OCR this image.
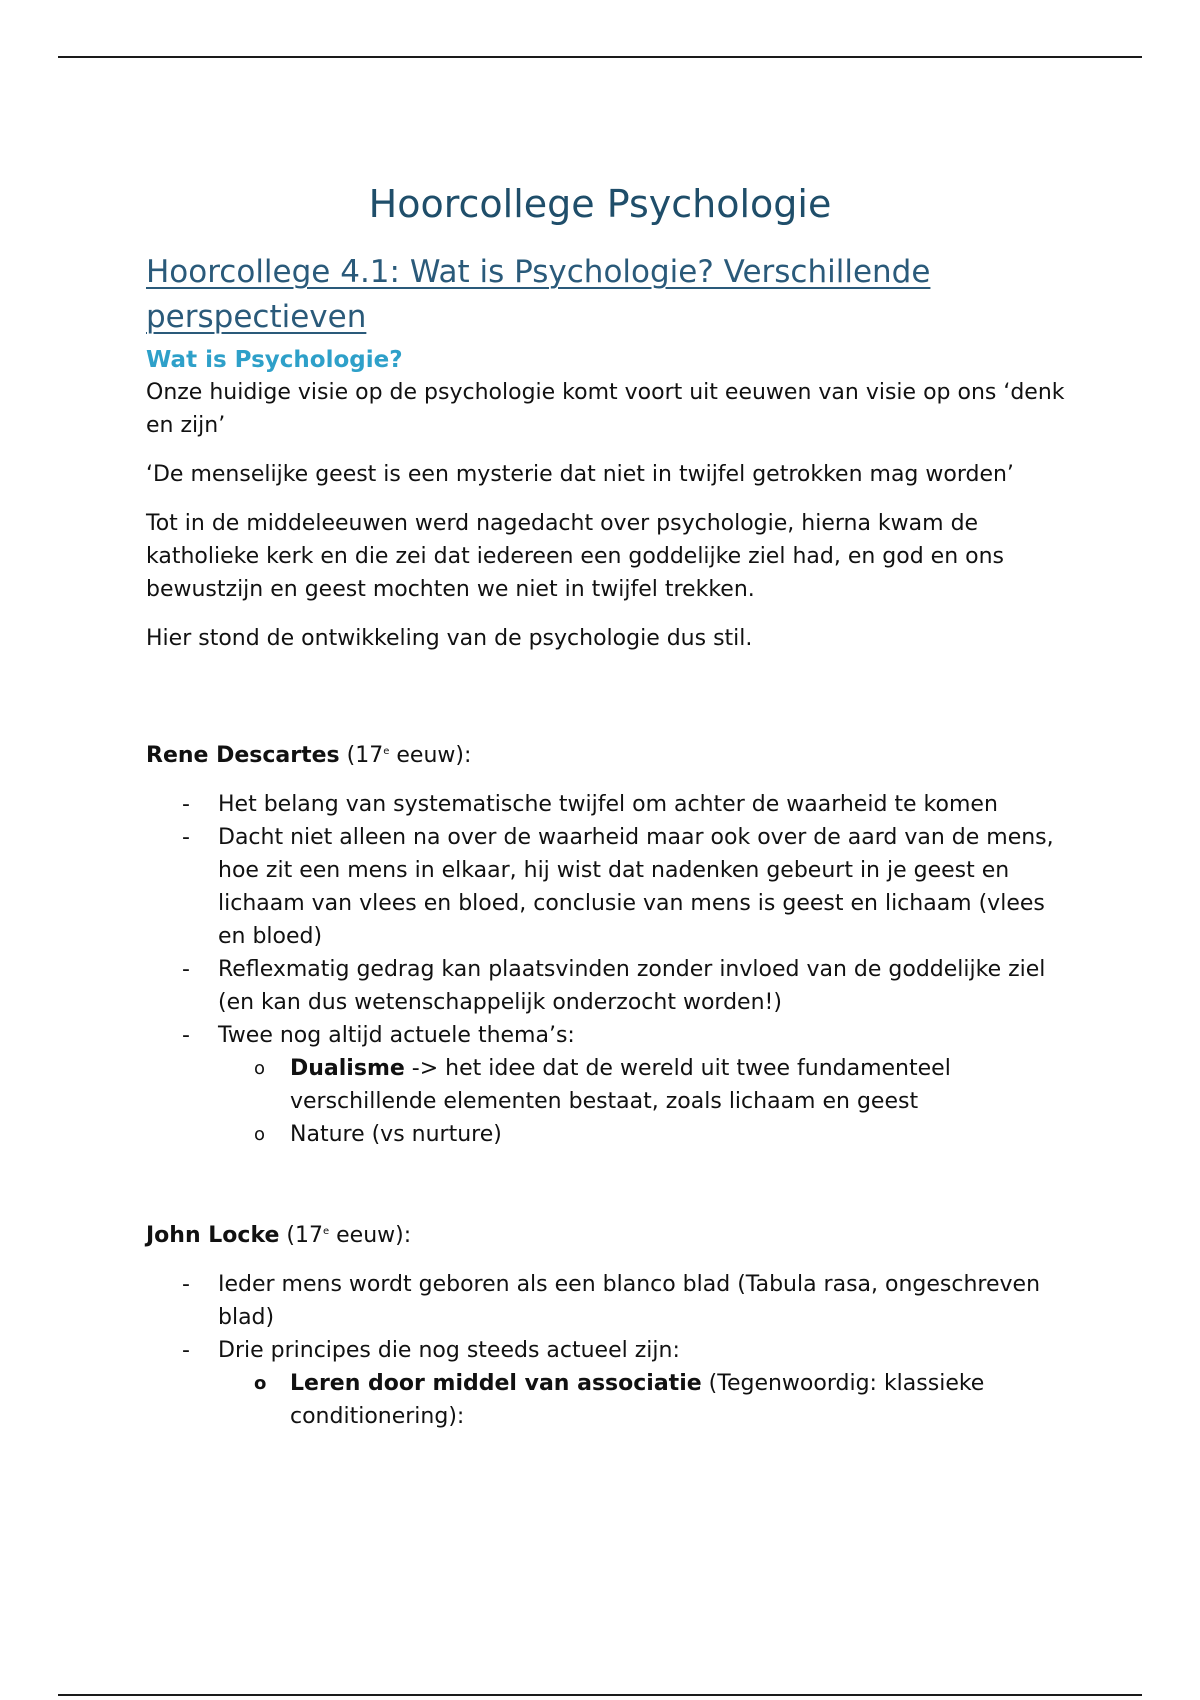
Hoorcollege Psychologie
Hoorcollege 4.1: Wat is Psychologie? Verschillende perspectieven
Wat is Psychologie?

Onze huidige visie op de psychologie komt voort uit eeuwen van visie op ons ‘denk en zijn’

‘De menselijke geest is een mysterie dat niet in twijfel getrokken mag worden’

Tot in de middeleeuwen werd nagedacht over psychologie, hierna kwam de katholieke kerk en die zei dat iedereen een goddelijke ziel had, en god en ons bewustzijn en geest mochten we niet in twijfel trekken.

Hier stond de ontwikkeling van de psychologie dus stil.

Rene Descartes (17e eeuw):
- Het belang van systematische twijfel om achter de waarheid te komen
- Dacht niet alleen na over de waarheid maar ook over de aard van de mens, hoe zit een mens in elkaar, hij wist dat nadenken gebeurt in je geest en lichaam van vlees en bloed, conclusie van mens is geest en lichaam (vlees en bloed)
- Reflexmatig gedrag kan plaatsvinden zonder invloed van de goddelijke ziel (en kan dus wetenschappelijk onderzocht worden!)
- Twee nog altijd actuele thema’s:
o Dualisme -> het idee dat de wereld uit twee fundamenteel verschillende elementen bestaat, zoals lichaam en geest
o Nature (vs nurture)
John Locke (17e eeuw):
- Ieder mens wordt geboren als een blanco blad (Tabula rasa, ongeschreven blad)
- Drie principes die nog steeds actueel zijn:
o Leren door middel van associatie (Tegenwoordig: klassieke conditionering):
